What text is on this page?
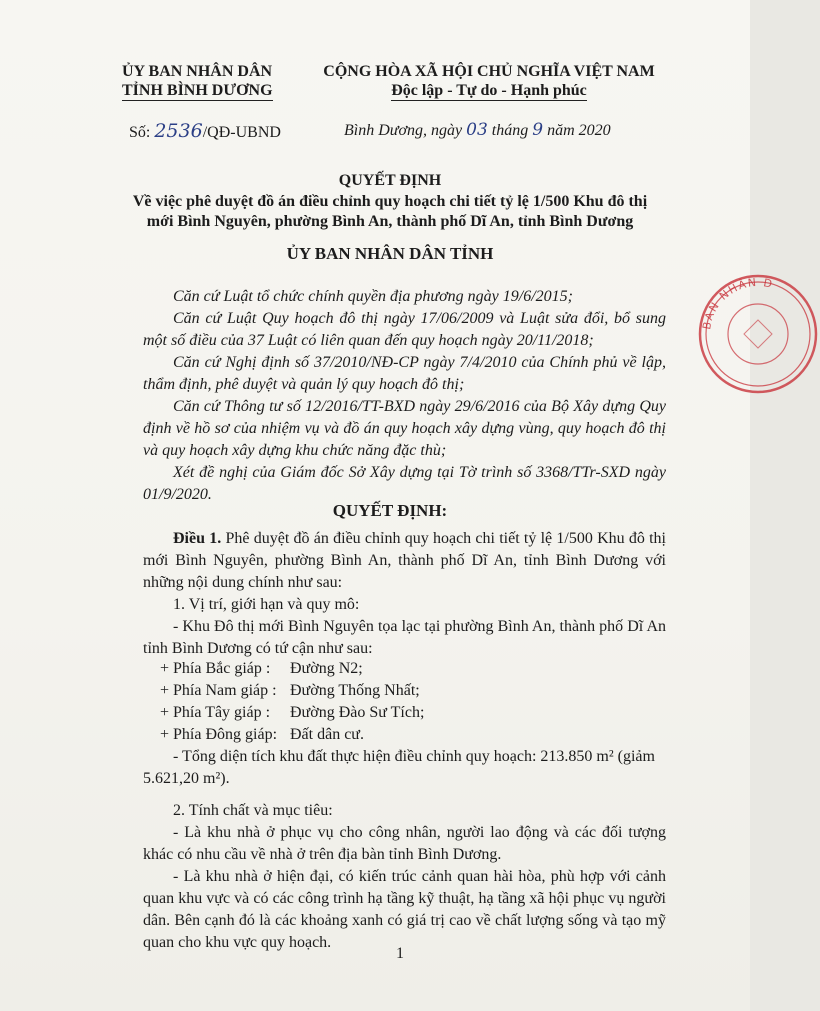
BAN NHÂN D
ỦY BAN NHÂN DÂN
TỈNH BÌNH DƯƠNG
CỘNG HÒA XÃ HỘI CHỦ NGHĨA VIỆT NAM
Độc lập - Tự do - Hạnh phúc
Số: 2536/QĐ-UBND	Bình Dương, ngày 03 tháng 9 năm 2020
QUYẾT ĐỊNH
Về việc phê duyệt đồ án điều chỉnh quy hoạch chi tiết tỷ lệ 1/500 Khu đô thị
mới Bình Nguyên, phường Bình An, thành phố Dĩ An, tỉnh Bình Dương
ỦY BAN NHÂN DÂN TỈNH
Căn cứ Luật tổ chức chính quyền địa phương ngày 19/6/2015;
Căn cứ Luật Quy hoạch đô thị ngày 17/06/2009 và Luật sửa đổi, bổ sung một số điều của 37 Luật có liên quan đến quy hoạch ngày 20/11/2018;
Căn cứ Nghị định số 37/2010/NĐ-CP ngày 7/4/2010 của Chính phủ về lập, thẩm định, phê duyệt và quản lý quy hoạch đô thị;
Căn cứ Thông tư số 12/2016/TT-BXD ngày 29/6/2016 của Bộ Xây dựng Quy định về hồ sơ của nhiệm vụ và đồ án quy hoạch xây dựng vùng, quy hoạch đô thị và quy hoạch xây dựng khu chức năng đặc thù;
Xét đề nghị của Giám đốc Sở Xây dựng tại Tờ trình số 3368/TTr-SXD ngày 01/9/2020.
QUYẾT ĐỊNH:
Điều 1. Phê duyệt đồ án điều chỉnh quy hoạch chi tiết tỷ lệ 1/500 Khu đô thị mới Bình Nguyên, phường Bình An, thành phố Dĩ An, tỉnh Bình Dương với những nội dung chính như sau:
1. Vị trí, giới hạn và quy mô:
- Khu Đô thị mới Bình Nguyên tọa lạc tại phường Bình An, thành phố Dĩ An tỉnh Bình Dương có tứ cận như sau:
+ Phía Bắc giáp : Đường N2;
+ Phía Nam giáp : Đường Thống Nhất;
+ Phía Tây giáp : Đường Đào Sư Tích;
+ Phía Đông giáp: Đất dân cư.
- Tổng diện tích khu đất thực hiện điều chỉnh quy hoạch: 213.850 m² (giảm
5.621,20 m²).
2. Tính chất và mục tiêu:
- Là khu nhà ở phục vụ cho công nhân, người lao động và các đối tượng khác có nhu cầu về nhà ở trên địa bàn tỉnh Bình Dương.
- Là khu nhà ở hiện đại, có kiến trúc cảnh quan hài hòa, phù hợp với cảnh quan khu vực và có các công trình hạ tầng kỹ thuật, hạ tầng xã hội phục vụ người dân. Bên cạnh đó là các khoảng xanh có giá trị cao về chất lượng sống và tạo mỹ quan cho khu vực quy hoạch.
1
